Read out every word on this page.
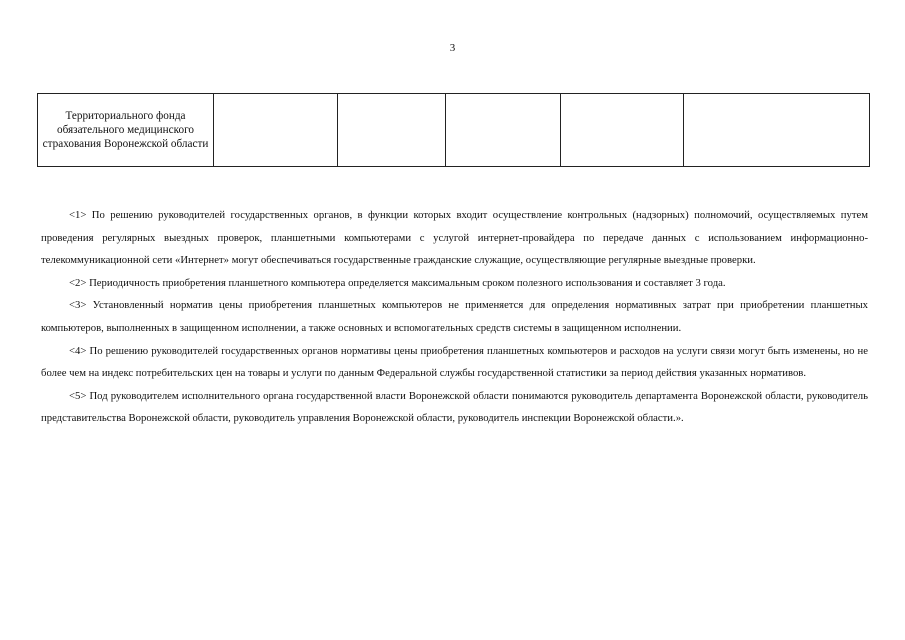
3
Территориального фонда обязательного медицинского страхования Воронежской области					

<1> По решению руководителей государственных органов, в функции которых входит осуществление контрольных (надзорных) полномочий, осуществляемых путем проведения регулярных выездных проверок, планшетными компьютерами с услугой интернет-провайдера по передаче данных с использованием информационно-телекоммуникационной сети «Интернет» могут обеспечиваться государственные гражданские служащие, осуществляющие регулярные выездные проверки.

<2> Периодичность приобретения планшетного компьютера определяется максимальным сроком полезного использования и составляет 3 года.

<3> Установленный норматив цены приобретения планшетных компьютеров не применяется для определения нормативных затрат при приобретении планшетных компьютеров, выполненных в защищенном исполнении, а также основных и вспомогательных средств системы в защищенном исполнении.

<4> По решению руководителей государственных органов нормативы цены приобретения планшетных компьютеров и расходов на услуги связи могут быть изменены, но не более чем на индекс потребительских цен на товары и услуги по данным Федеральной службы государственной статистики за период действия указанных нормативов.

<5> Под руководителем исполнительного органа государственной власти Воронежской области понимаются руководитель департамента Воронежской области, руководитель представительства Воронежской области, руководитель управления Воронежской области, руководитель инспекции Воронежской области.».
